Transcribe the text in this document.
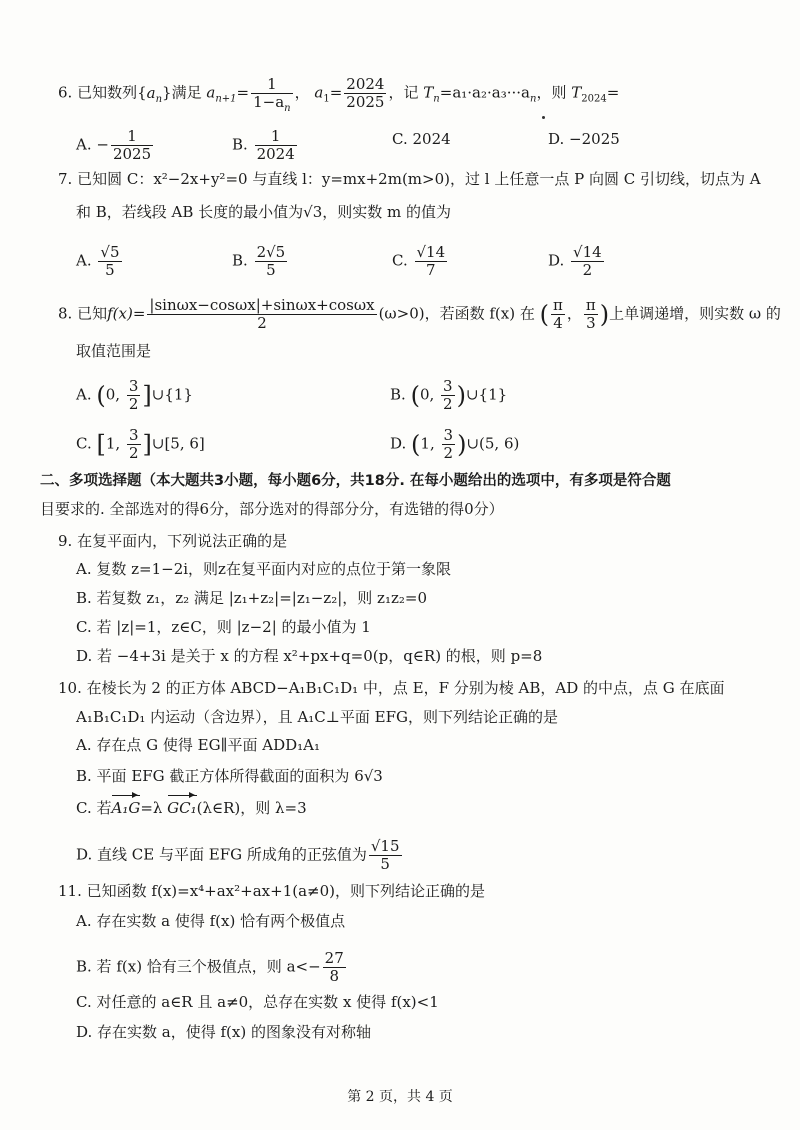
6. 已知数列$\{a_n\}$满足 $a_{n+1}= \frac{1}{1-a_n}$ ， $a_1= \frac{2024}{2025}$ ，记 $T_n=a_1\cdot a_2\cdot a_3\cdot\cdot\cdot a_n$，则 $T_{2024}=$
A. − $\frac{1}{2025}$	B. $\frac{1}{2024}$	C. 2024	D. −2025
7. 已知圆 C：x²−2x+y²=0 与直线 l：y=mx+2m(m>0)，过 l 上任意一点 P 向圆 C 引切线，切点为 A
和 B，若线段 AB 长度的最小值为√3，则实数 m 的值为
A. $\frac{√5}{5}$	B. $\frac{2√5}{5}$	C. $\frac{√14}{7}$	D. $\frac{√14}{2}$
8. 已知$f(x)= \frac{|\sin\omega x-\cos\omega x|+\sin\omega x+\cos\omega x}{2} (\omega>0)$，若函数 f(x) 在 ( $\frac{\pi}{4}$ ， $\frac{\pi}{3}$ )上单调递增，则实数 ω 的
取值范围是
A. (0, $\frac{3}{2}$ ]∪{1}	B. (0, $\frac{3}{2}$ )∪{1}
C. [1, $\frac{3}{2}$ ]∪[5, 6]	D. (1, $\frac{3}{2}$ )∪(5, 6)
二、多项选择题（本大题共3小题，每小题6分，共18分. 在每小题给出的选项中，有多项是符合题
目要求的. 全部选对的得6分，部分选对的得部分分，有选错的得0分）
9. 在复平面内，下列说法正确的是
A. 复数 z=1−2i，则z在复平面内对应的点位于第一象限
B. 若复数 z₁，z₂ 满足 |z₁+z₂|=|z₁−z₂|，则 z₁z₂=0
C. 若 |z|=1，z∈C，则 |z−2| 的最小值为 1
D. 若 −4+3i 是关于 x 的方程 x²+px+q=0(p，q∈R) 的根，则 p=8
10. 在棱长为 2 的正方体 ABCD−A₁B₁C₁D₁ 中，点 E，F 分别为棱 AB，AD 的中点，点 G 在底面
A₁B₁C₁D₁ 内运动（含边界），且 A₁C⊥平面 EFG，则下列结论正确的是
A. 存在点 G 使得 EG∥平面 ADD₁A₁
B. 平面 EFG 截正方体所得截面的面积为 6√3
C. 若A₁G=λ GC₁(λ∈R)，则 λ=3
D. 直线 CE 与平面 EFG 所成角的正弦值为 $\frac{√15}{5}$
11. 已知函数 f(x)=x⁴+ax²+ax+1(a≠0)，则下列结论正确的是
A. 存在实数 a 使得 f(x) 恰有两个极值点
B. 若 f(x) 恰有三个极值点，则 $a<- \frac{27}{8}$
C. 对任意的 a∈R 且 a≠0，总存在实数 x 使得 f(x)<1
D. 存在实数 a，使得 f(x) 的图象没有对称轴
第 2 页，共 4 页
